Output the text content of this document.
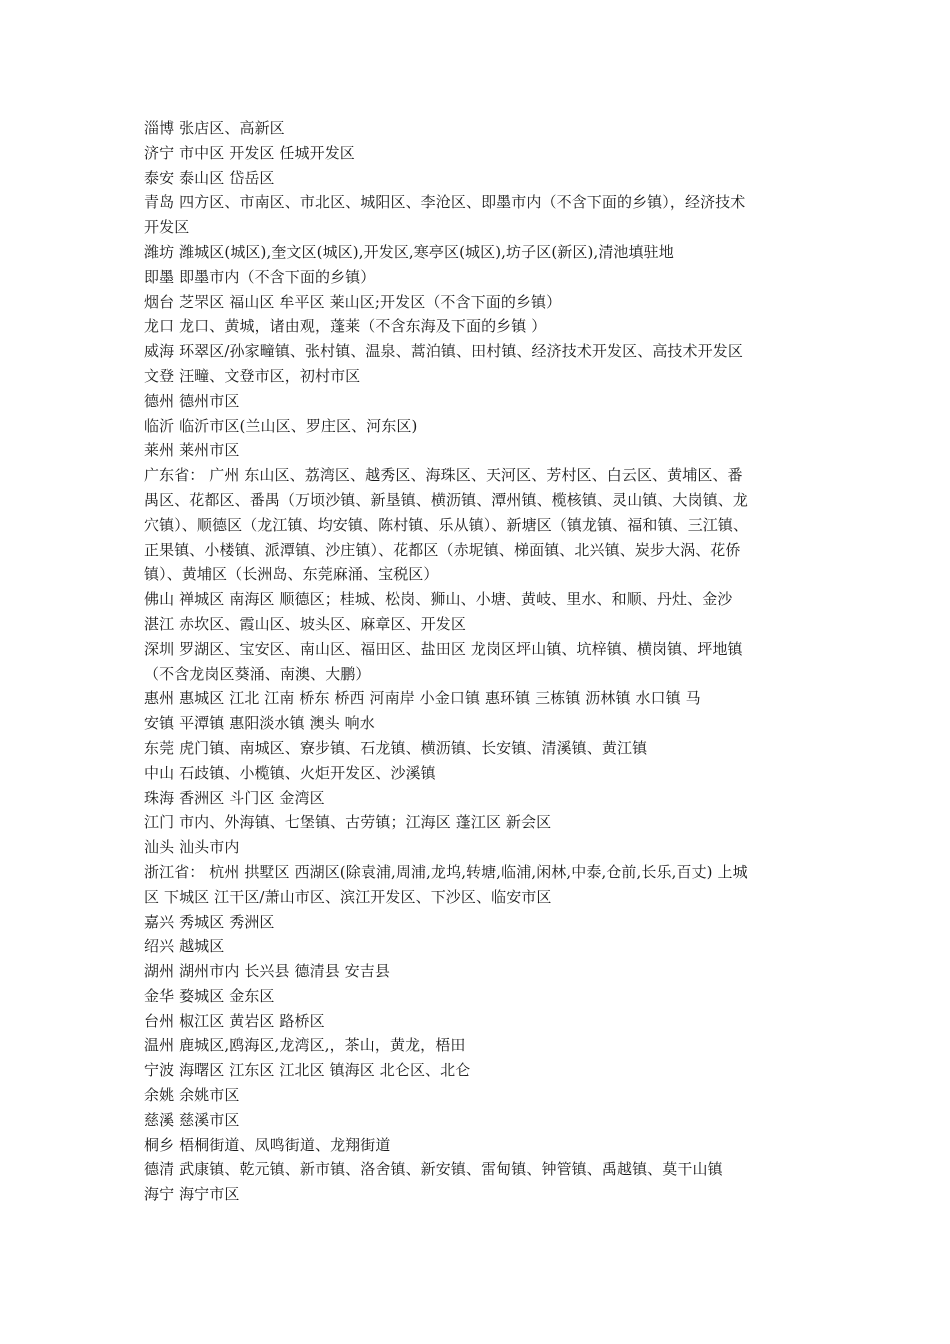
淄博 张店区、高新区
济宁 市中区 开发区 任城开发区
泰安 泰山区 岱岳区
青岛 四方区、市南区、市北区、城阳区、李沧区、即墨市内（不含下面的乡镇），经济技术
开发区
潍坊 潍城区(城区),奎文区(城区),开发区,寒亭区(城区),坊子区(新区),清池填驻地
即墨 即墨市内（不含下面的乡镇）
烟台 芝罘区 福山区 牟平区 莱山区;开发区（不含下面的乡镇）
龙口 龙口、黄城，诸由观，蓬莱（不含东海及下面的乡镇 ）
威海 环翠区/孙家疃镇、张村镇、温泉、蒿泊镇、田村镇、经济技术开发区、高技术开发区
文登 汪疃、文登市区，初村市区
德州 德州市区
临沂 临沂市区(兰山区、罗庄区、河东区)
莱州 莱州市区
广东省： 广州 东山区、荔湾区、越秀区、海珠区、天河区、芳村区、白云区、黄埔区、番
禺区、花都区、番禺（万顷沙镇、新垦镇、横沥镇、潭州镇、榄核镇、灵山镇、大岗镇、龙
穴镇）、顺德区（龙江镇、均安镇、陈村镇、乐从镇）、新塘区（镇龙镇、福和镇、三江镇、
正果镇、小楼镇、派潭镇、沙庄镇）、花都区（赤坭镇、梯面镇、北兴镇、炭步大涡、花侨
镇）、黄埔区（长洲岛、东莞麻涌、宝税区）
佛山 禅城区 南海区 顺德区；桂城、松岗、狮山、小塘、黄岐、里水、和顺、丹灶、金沙
湛江 赤坎区、霞山区、坡头区、麻章区、开发区
深圳 罗湖区、宝安区、南山区、福田区、盐田区 龙岗区坪山镇、坑梓镇、横岗镇、坪地镇
（不含龙岗区葵涌、南澳、大鹏）
惠州 惠城区 江北 江南 桥东 桥西 河南岸 小金口镇 惠环镇 三栋镇 沥林镇 水口镇 马
安镇 平潭镇 惠阳淡水镇 澳头 响水
东莞 虎门镇、南城区、寮步镇、石龙镇、横沥镇、长安镇、清溪镇、黄江镇
中山 石歧镇、小榄镇、火炬开发区、沙溪镇
珠海 香洲区 斗门区 金湾区
江门 市内、外海镇、七堡镇、古劳镇；江海区 蓬江区 新会区
汕头 汕头市内
浙江省： 杭州 拱墅区 西湖区(除袁浦,周浦,龙坞,转塘,临浦,闲林,中泰,仓前,长乐,百丈) 上城
区 下城区 江干区/萧山市区、滨江开发区、下沙区、临安市区
嘉兴 秀城区 秀洲区
绍兴 越城区
湖州 湖州市内 长兴县 德清县 安吉县
金华 婺城区 金东区
台州 椒江区 黄岩区 路桥区
温州 鹿城区,鸥海区,龙湾区,，茶山，黄龙，梧田
宁波 海曙区 江东区 江北区 镇海区 北仑区、北仑
余姚 余姚市区
慈溪 慈溪市区
桐乡 梧桐街道、凤鸣街道、龙翔街道
德清 武康镇、乾元镇、新市镇、洛舍镇、新安镇、雷甸镇、钟管镇、禹越镇、莫干山镇
海宁 海宁市区
